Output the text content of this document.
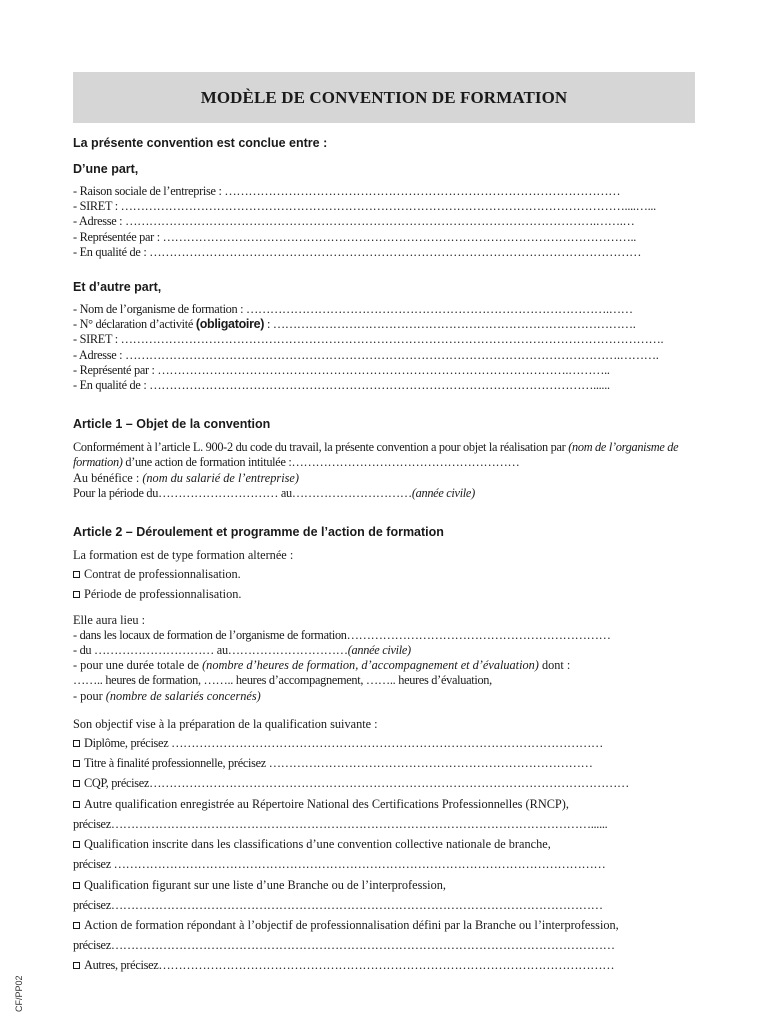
MODÈLE DE CONVENTION DE FORMATION

La présente convention est conclue entre :

D’une part,

- Raison sociale de l’entreprise : ………………………………………………………………………………………
- SIRET : ………………………………………………………………………………………………………………....…...
- Adresse : ……………………………………………………………………………………………………….…….…
- Représentée par : ………………………………………………………………………………………………………..
- En qualité de : ……………………………………………………………………………………………………………

Et d’autre part,

- Nom de l’organisme de formation : ……………………………………………………………………………….……
- N° déclaration d’activité (obligatoire) : ……………………………………………………………………………….
- SIRET : ……………………………………………………………………………………………………………………….
- Adresse : …………………………………………………………………………………………………………….……….
- Représenté par : ………………………………………………………………………………………….………..
- En qualité de : …………………………………………………………………………………………………......

Article 1 – Objet de la convention

Conformément à l’article L. 900-2 du code du travail, la présente convention a pour objet la réalisation par (nom de l’organisme de formation) d’une action de formation intitulée :…………………………………………………
Au bénéfice : (nom du salarié de l’entreprise)
Pour la période du………………………… au…………………………(année civile)

Article 2 – Déroulement et programme de l’action de formation

La formation est de type formation alternée :
Contrat de professionnalisation.
Période de professionnalisation.
Elle aura lieu :
- dans les locaux de formation de l’organisme de formation…………………………………………………………
- du ………………………… au…………………………(année civile)
- pour une durée totale de (nombre d’heures de formation, d’accompagnement et d’évaluation) dont :
…….. heures de formation, …….. heures d’accompagnement, …….. heures d’évaluation,
- pour (nombre de salariés concernés)
Son objectif vise à la préparation de la qualification suivante :
Diplôme, précisez ………………………………………………………………………………………………
Titre à finalité professionnelle, précisez ………………………………………………………………………
CQP, précisez…………………………………………………………………………………………………………
Autre qualification enregistrée au Répertoire National des Certifications Professionnelles (RNCP),
précisez…………………………………………………………………………………………………………......
Qualification inscrite dans les classifications d’une convention collective nationale de branche,
précisez ……………………………………………………………………………………………………………
Qualification figurant sur une liste d’une Branche ou de l’interprofession,
précisez……………………………………………………………………………………………………………
Action de formation répondant à l’objectif de professionnalisation défini par la Branche ou l’interprofession,
précisez………………………………………………………………………………………………………………
Autres, précisez……………………………………………………………………………………………………
CF/PP02
